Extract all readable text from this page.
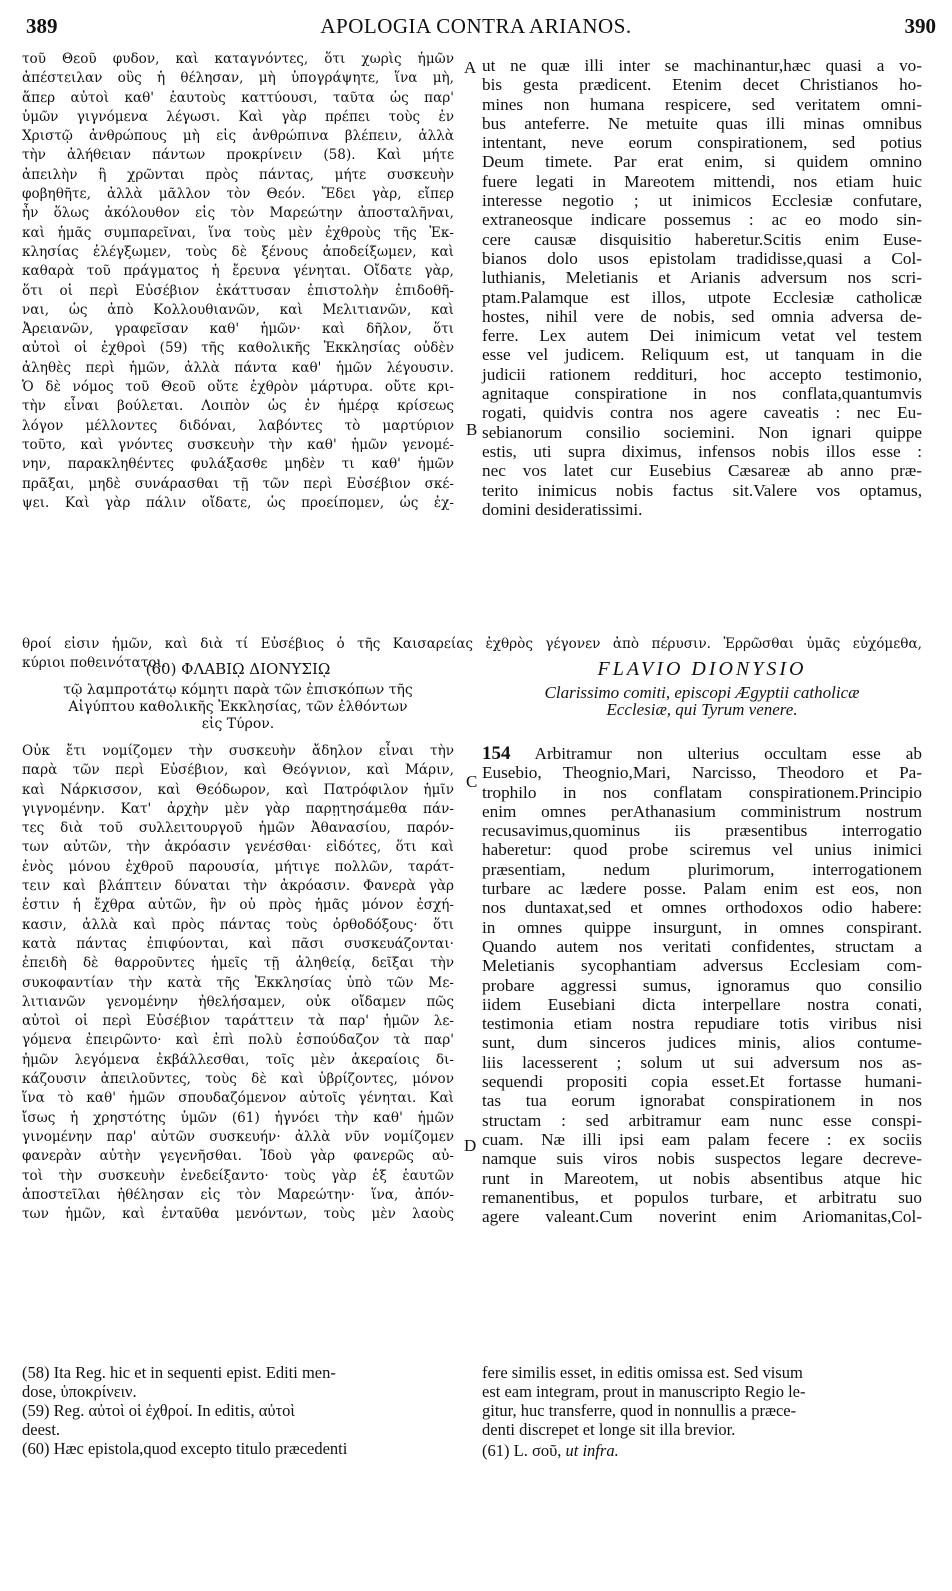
389	APOLOGIA CONTRA ARIANOS.	390
τοῦ Θεοῦ φυδον, καὶ καταγνόντες, ὅτι χωρὶς ἡμῶν
ἀπέστειλαν οὓς ἡ θέλησαν, μὴ ὑπογράψητε, ἵνα μὴ,
ἅπερ αὐτοὶ καθ' ἑαυτοὺς καττύουσι, ταῦτα ὡς παρ'
ὑμῶν γιγνόμενα λέγωσι. Καὶ γὰρ πρέπει τοὺς ἐν
Χριστῷ ἀνθρώπους μὴ εἰς ἀνθρώπινα βλέπειν, ἀλλὰ
τὴν ἀλήθειαν πάντων προκρίνειν (58). Καὶ μήτε
ἀπειλὴν ἣ χρῶνται πρὸς πάντας, μήτε συσκευὴν
φοβηθῆτε, ἀλλὰ μᾶλλον τὸν Θεόν. Ἔδει γὰρ, εἴπερ
ἦν ὅλως ἀκόλουθον εἰς τὸν Μαρεώτην ἀποσταλῆναι,
καὶ ἡμᾶς συμπαρεῖναι, ἵνα τοὺς μὲν ἐχθροὺς τῆς Ἐκ-
κλησίας ἐλέγξωμεν, τοὺς δὲ ξένους ἀποδείξωμεν, καὶ
καθαρὰ τοῦ πράγματος ἡ ἔρευνα γένηται. Οἴδατε γὰρ,
ὅτι οἱ περὶ Εὐσέβιον ἐκάττυσαν ἐπιστολὴν ἐπιδοθῆ-
ναι, ὡς ἀπὸ Κολλουθιανῶν, καὶ Μελιτιανῶν, καὶ
Ἀρειανῶν, γραφεῖσαν καθ' ἡμῶν· καὶ δῆλον, ὅτι
αὐτοὶ οἱ ἐχθροὶ (59) τῆς καθολικῆς Ἐκκλησίας οὐδὲν
ἀληθὲς περὶ ἡμῶν, ἀλλὰ πάντα καθ' ἡμῶν λέγουσιν.
Ὁ δὲ νόμος τοῦ Θεοῦ οὔτε ἐχθρὸν μάρτυρα. οὔτε κρι-
τὴν εἶναι βούλεται. Λοιπὸν ὡς ἐν ἡμέρᾳ κρίσεως
λόγον μέλλοντες διδόναι, λαβόντες τὸ μαρτύριον
τοῦτο, καὶ γνόντες συσκευὴν τὴν καθ' ἡμῶν γενομέ-
νην, παρακληθέντες φυλάξασθε μηδὲν τι καθ' ἡμῶν
πρᾶξαι, μηδὲ συνάρασθαι τῇ τῶν περὶ Εὐσέβιον σκέ-
ψει. Καὶ γὰρ πάλιν οἴδατε, ὡς προείπομεν, ὡς ἐχ-
ut ne quæ illi inter se machinantur,hæc quasi a vo-
bis gesta prædicent. Etenim decet Christianos ho-
mines non humana respicere, sed veritatem omni-
bus anteferre. Ne metuite quas illi minas omnibus
intentant, neve eorum conspirationem, sed potius
Deum timete. Par erat enim, si quidem omnino
fuere legati in Mareotem mittendi, nos etiam huic
interesse negotio ; ut inimicos Ecclesiæ confutare,
extraneosque indicare possemus : ac eo modo sin-
cere causæ disquisitio haberetur.Scitis enim Euse-
bianos dolo usos epistolam tradidisse,quasi a Col-
luthianis, Meletianis et Arianis adversum nos scri-
ptam.Palamque est illos, utpote Ecclesiæ catholicæ
hostes, nihil vere de nobis, sed omnia adversa de-
ferre. Lex autem Dei inimicum vetat vel testem
esse vel judicem. Reliquum est, ut tanquam in die
judicii rationem reddituri, hoc accepto testimonio,
agnitaque conspiratione in nos conflata,quantumvis
rogati, quidvis contra nos agere caveatis : nec Eu-
sebianorum consilio sociemini. Non ignari quippe
estis, uti supra diximus, infensos nobis illos esse :
nec vos latet cur Eusebius Cæsareæ ab anno præ-
terito inimicus nobis factus sit.Valere vos optamus,
domini desideratissimi.
A
B
C
D
θροί εἰσιν ἡμῶν, καὶ διὰ τί Εὐσέβιος ὁ τῆς Καισαρείας ἐχθρὸς γέγονεν ἀπὸ πέρυσιν. Ἐρρῶσθαι ὑμᾶς εὐχόμεθα,
κύριοι ποθεινότατοι.
(60) ΦΛΑΒΙῼ ΔΙΟΝΥΣΙῼ
τῷ λαμπροτάτῳ κόμητι παρὰ τῶν ἐπισκόπων τῆς
Αἰγύπτου καθολικῆς Ἐκκλησίας, τῶν ἐλθόντων
εἰς Τύρον.
FLAVIO DIONYSIO
Clarissimo comiti, episcopi Ægyptii catholicæ
Ecclesiæ, qui Tyrum venere.
Οὐκ ἔτι νομίζομεν τὴν συσκευὴν ἄδηλον εἶναι τὴν
παρὰ τῶν περὶ Εὐσέβιον, καὶ Θεόγνιον, καὶ Μάριν,
καὶ Νάρκισσον, καὶ Θεόδωρον, καὶ Πατρόφιλον ἡμῖν
γιγνομένην. Κατ' ἀρχὴν μὲν γὰρ παρῃτησάμεθα πάν-
τες διὰ τοῦ συλλειτουργοῦ ἡμῶν Ἀθανασίου, παρόν-
των αὐτῶν, τὴν ἀκρόασιν γενέσθαι· εἰδότες, ὅτι καὶ
ἑνὸς μόνου ἐχθροῦ παρουσία, μήτιγε πολλῶν, ταράτ-
τειν καὶ βλάπτειν δύναται τὴν ἀκρόασιν. Φανερὰ γὰρ
ἐστιν ἡ ἔχθρα αὐτῶν, ἣν οὐ πρὸς ἡμᾶς μόνον ἐσχή-
κασιν, ἀλλὰ καὶ πρὸς πάντας τοὺς ὀρθοδόξους· ὅτι
κατὰ πάντας ἐπιφύονται, καὶ πᾶσι συσκευάζονται·
ἐπειδὴ δὲ θαρροῦντες ἡμεῖς τῇ ἀληθείᾳ, δεῖξαι τὴν
συκοφαντίαν τὴν κατὰ τῆς Ἐκκλησίας ὑπὸ τῶν Με-
λιτιανῶν γενομένην ἠθελήσαμεν, οὐκ οἴδαμεν πῶς
αὐτοὶ οἱ περὶ Εὐσέβιον ταράττειν τὰ παρ' ἡμῶν λε-
γόμενα ἐπειρῶντο· καὶ ἐπὶ πολὺ ἐσπούδαζον τὰ παρ'
ἡμῶν λεγόμενα ἐκβάλλεσθαι, τοῖς μὲν ἀκεραίοις δι-
κάζουσιν ἀπειλοῦντες, τοὺς δὲ καὶ ὑβρίζοντες, μόνον
ἵνα τὸ καθ' ἡμῶν σπουδαζόμενον αὐτοῖς γένηται. Καὶ
ἴσως ἡ χρηστότης ὑμῶν (61) ἠγνόει τὴν καθ' ἡμῶν
γινομένην παρ' αὐτῶν συσκευήν· ἀλλὰ νῦν νομίζομεν
φανερὰν αὐτὴν γεγενῆσθαι. Ἰδοὺ γὰρ φανερῶς αὐ-
τοὶ τὴν συσκευὴν ἐνεδείξαντο· τοὺς γὰρ ἑξ ἑαυτῶν
ἀποστεῖλαι ἠθέλησαν εἰς τὸν Μαρεώτην· ἵνα, ἀπόν-
των ἡμῶν, καὶ ἐνταῦθα μενόντων, τοὺς μὲν λαοὺς
154 Arbitramur non ulterius occultam esse ab
Eusebio, Theognio,Mari, Narcisso, Theodoro et Pa-
trophilo in nos conflatam conspirationem.Principio
enim omnes perAthanasium comministrum nostrum
recusavimus,quominus iis præsentibus interrogatio
haberetur: quod probe sciremus vel unius inimici
præsentiam, nedum plurimorum, interrogationem
turbare ac lædere posse. Palam enim est eos, non
nos duntaxat,sed et omnes orthodoxos odio habere:
in omnes quippe insurgunt, in omnes conspirant.
Quando autem nos veritati confidentes, structam a
Meletianis sycophantiam adversus Ecclesiam com-
probare aggressi sumus, ignoramus quo consilio
iidem Eusebiani dicta interpellare nostra conati,
testimonia etiam nostra repudiare totis viribus nisi
sunt, dum sinceros judices minis, alios contume-
liis lacesserent ; solum ut sui adversum nos as-
sequendi propositi copia esset.Et fortasse humani-
tas tua eorum ignorabat conspirationem in nos
structam : sed arbitramur eam nunc esse conspi-
cuam. Næ illi ipsi eam palam fecere : ex sociis
namque suis viros nobis suspectos legare decreve-
runt in Mareotem, ut nobis absentibus atque hic
remanentibus, et populos turbare, et arbitratu suo
agere valeant.Cum noverint enim Ariomanitas,Col-
(58) Ita Reg. hic et in sequenti epist. Editi men-
dose, ὑποκρίνειν.
(59) Reg. αὐτοὶ οἱ ἐχθροί. In editis, αὐτοὶ
deest.
(60) Hæc epistola,quod excepto titulo præcedenti
fere similis esset, in editis omissa est. Sed visum
est eam integram, prout in manuscripto Regio le-
gitur, huc transferre, quod in nonnullis a præce-
denti discrepet et longe sit illa brevior.
(61) L. σοῦ, ut infra.
